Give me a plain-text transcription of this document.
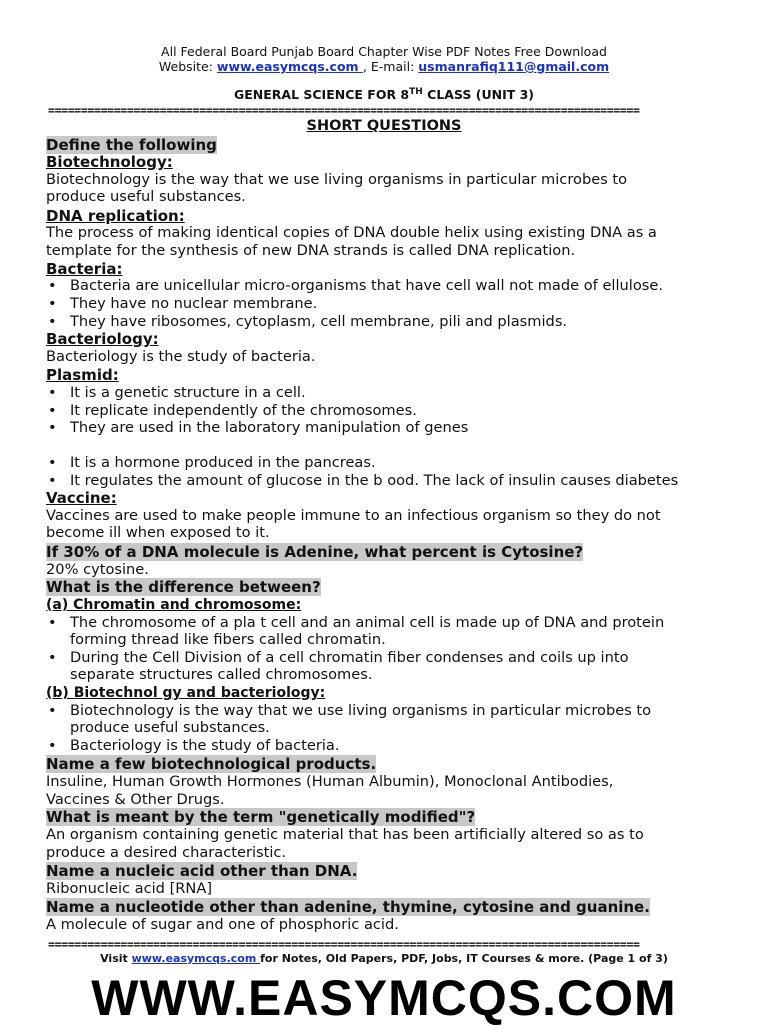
All Federal Board Punjab Board Chapter Wise PDF Notes Free Download
Website: www.easymcqs.com , E-mail: usmanrafiq111@gmail.com
GENERAL SCIENCE FOR 8TH CLASS (UNIT 3)
==========================================================================================
SHORT QUESTIONS
Define the following
Biotechnology:
Biotechnology is the way that we use living organisms in particular microbes to
produce useful substances.
DNA replication:
The process of making identical copies of DNA double helix using existing DNA as a
template for the synthesis of new DNA strands is called DNA replication.
Bacteria:
• Bacteria are unicellular micro-organisms that have cell wall not made of ellulose.
• They have no nuclear membrane.
• They have ribosomes, cytoplasm, cell membrane, pili and plasmids.
Bacteriology:
Bacteriology is the study of bacteria.
Plasmid:
• It is a genetic structure in a cell.
• It replicate independently of the chromosomes.
• They are used in the laboratory manipulation of genes
• It is a hormone produced in the pancreas.
• It regulates the amount of glucose in the b ood. The lack of insulin causes diabetes
Vaccine:
Vaccines are used to make people immune to an infectious organism so they do not
become ill when exposed to it.
If 30% of a DNA molecule is Adenine, what percent is Cytosine?
20% cytosine.
What is the difference between?
(a) Chromatin and chromosome:
• The chromosome of a pla t cell and an animal cell is made up of DNA and protein
forming thread like fibers called chromatin.
• During the Cell Division of a cell chromatin fiber condenses and coils up into
separate structures called chromosomes.
(b) Biotechnol gy and bacteriology:
• Biotechnology is the way that we use living organisms in particular microbes to
produce useful substances.
• Bacteriology is the study of bacteria.
Name a few biotechnological products.
Insuline, Human Growth Hormones (Human Albumin), Monoclonal Antibodies,
Vaccines & Other Drugs.
What is meant by the term "genetically modified"?
An organism containing genetic material that has been artificially altered so as to
produce a desired characteristic.
Name a nucleic acid other than DNA.
Ribonucleic acid [RNA]
Name a nucleotide other than adenine, thymine, cytosine and guanine.
A molecule of sugar and one of phosphoric acid.
==========================================================================================
Visit www.easymcqs.com for Notes, Old Papers, PDF, Jobs, IT Courses & more. (Page 1 of 3)
WWW.EASYMCQS.COM
